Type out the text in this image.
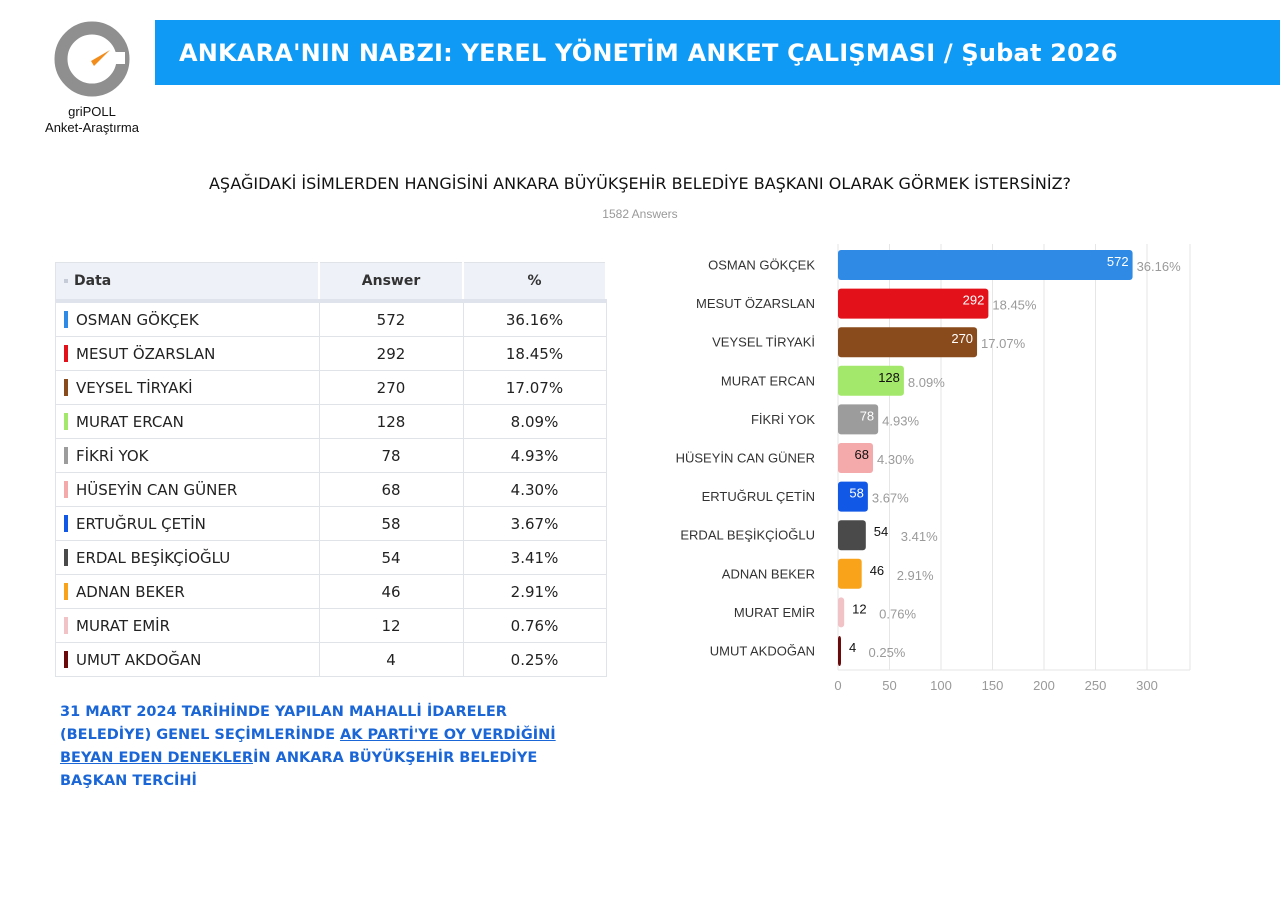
griPOLL
Anket-Araştırma
ANKARA'NIN NABZI: YEREL YÖNETİM ANKET ÇALIŞMASI / Şubat 2026
AŞAĞIDAKİ İSİMLERDEN HANGİSİNİ ANKARA BÜYÜKŞEHİR BELEDİYE BAŞKANI OLARAK GÖRMEK İSTERSİNİZ?
1582 Answers
Data	Answer	%
OSMAN GÖKÇEK	572	36.16%
MESUT ÖZARSLAN	292	18.45%
VEYSEL TİRYAKİ	270	17.07%
MURAT ERCAN	128	8.09%
FİKRİ YOK	78	4.93%
HÜSEYİN CAN GÜNER	68	4.30%
ERTUĞRUL ÇETİN	58	3.67%
ERDAL BEŞİKÇİOĞLU	54	3.41%
ADNAN BEKER	46	2.91%
MURAT EMİR	12	0.76%
UMUT AKDOĞAN	4	0.25%
31 MART 2024 TARİHİNDE YAPILAN MAHALLİ İDARELER (BELEDİYE) GENEL SEÇİMLERİNDE AK PARTİ'YE OY VERDİĞİNİ BEYAN EDEN DENEKLERİN ANKARA BÜYÜKŞEHİR BELEDİYE BAŞKAN TERCİHİ
0	50	100 150 200 250 300
OSMAN GÖKÇEK	572 36.16%
MESUT ÖZARSLAN	292 18.45%
VEYSEL TİRYAKİ	270 17.07%
MURAT ERCAN	128 8.09%
FİKRİ YOK	78 4.93%
HÜSEYİN CAN GÜNER	68 4.30%
ERTUĞRUL ÇETİN	58 3.67%
ERDAL BEŞİKÇİOĞLU	54 3.41%
ADNAN BEKER	46 2.91%
MURAT EMİR	12 0.76%
UMUT AKDOĞAN	4 0.25%
